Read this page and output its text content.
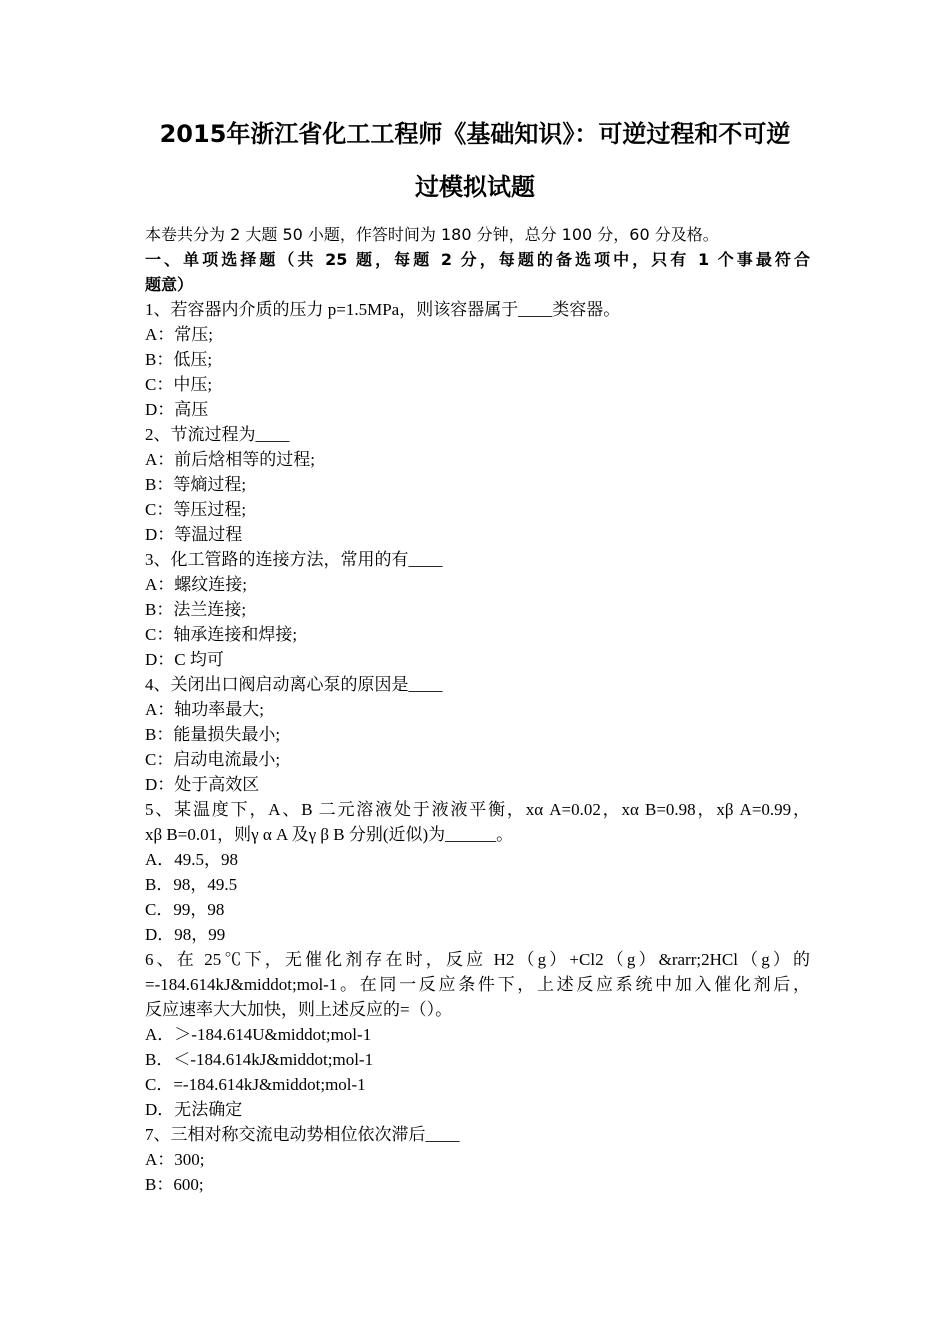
2015年浙江省化工工程师《基础知识》：可逆过程和不可逆
过模拟试题
本卷共分为 2 大题 50 小题，作答时间为 180 分钟，总分 100 分，60 分及格。
一、单项选择题（共 25 题，每题 2 分，每题的备选项中，只有 1 个事最符合
题意）
1、若容器内介质的压力 p=1.5MPa，则该容器属于____类容器。
A：常压;
B：低压;
C：中压;
D：高压
2、节流过程为____
A：前后焓相等的过程;
B：等熵过程;
C：等压过程;
D：等温过程
3、化工管路的连接方法，常用的有____
A：螺纹连接;
B：法兰连接;
C：轴承连接和焊接;
D：C 均可
4、关闭出口阀启动离心泵的原因是____
A：轴功率最大;
B：能量损失最小;
C：启动电流最小;
D：处于高效区
5、某温度下，A、B 二元溶液处于液液平衡，xα A=0.02，xα B=0.98，xβ A=0.99，
xβ B=0.01，则γ α A 及γ β B 分别(近似)为______。
A．49.5，98
B．98，49.5
C．99，98
D．98，99
6、在 25℃下，无催化剂存在时，反应 H2（g）+Cl2（g）&rarr;2HCl（g）的
=-184.614kJ&middot;mol-1。在同一反应条件下，上述反应系统中加入催化剂后，
反应速率大大加快，则上述反应的=（）。
A．＞-184.614U&middot;mol-1
B．＜-184.614kJ&middot;mol-1
C．=-184.614kJ&middot;mol-1
D．无法确定
7、三相对称交流电动势相位依次滞后____
A：300;
B：600;
